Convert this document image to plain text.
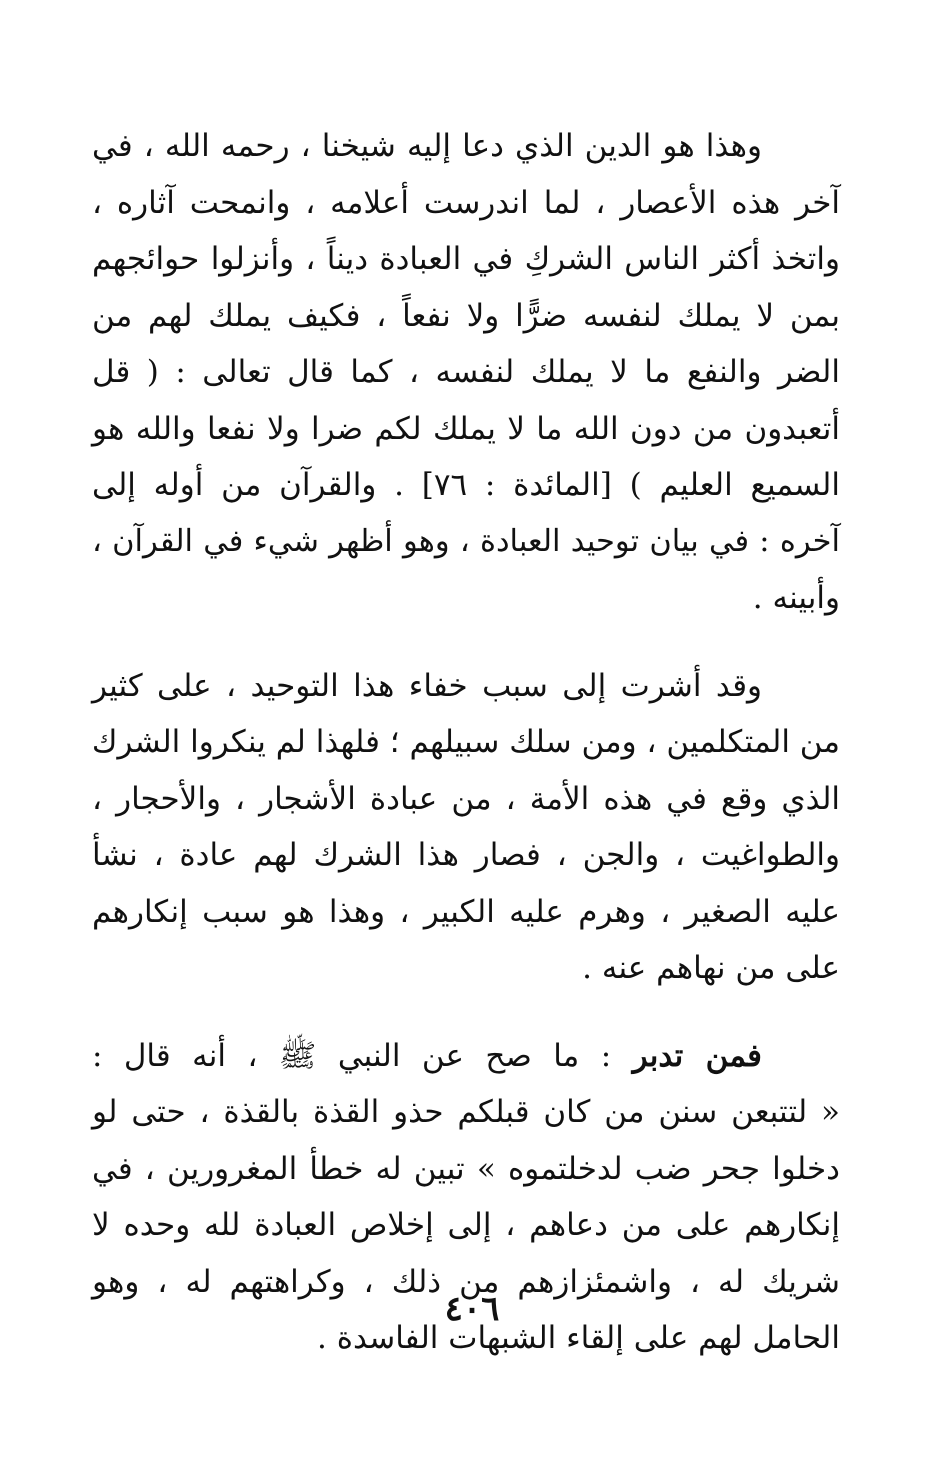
وهذا هو الدين الذي دعا إليه شيخنا ، رحمه الله ، في
آخر هذه الأعصار ، لما اندرست أعلامه ، وانمحت آثاره ،
واتخذ أكثر الناس الشركِ في العبادة ديناً ، وأنزلوا حوائجهم
بمن لا يملك لنفسه ضرًّا ولا نفعاً ، فكيف يملك لهم من
الضر والنفع ما لا يملك لنفسه ، كما قال تعالى : ( قل
أتعبدون من دون الله ما لا يملك لكم ضرا ولا نفعا والله هو
السميع العليم ) [المائدة : ٧٦] . والقرآن من أوله إلى
آخره : في بيان توحيد العبادة ، وهو أظهر شيء في القرآن ،
وأبينه .

وقد أشرت إلى سبب خفاء هذا التوحيد ، على كثير
من المتكلمين ، ومن سلك سبيلهم ؛ فلهذا لم ينكروا الشرك
الذي وقع في هذه الأمة ، من عبادة الأشجار ، والأحجار ،
والطواغيت ، والجن ، فصار هذا الشرك لهم عادة ، نشأ
عليه الصغير ، وهرم عليه الكبير ، وهذا هو سبب إنكارهم
على من نهاهم عنه .

فمن تدبر : ما صح عن النبي ﷺ ، أنه قال :
« لتتبعن سنن من كان قبلكم حذو القذة بالقذة ، حتى لو
دخلوا جحر ضب لدخلتموه » تبين له خطأ المغرورين ، في
إنكارهم على من دعاهم ، إلى إخلاص العبادة لله وحده لا
شريك له ، واشمئزازهم من ذلك ، وكراهتهم له ، وهو
الحامل لهم على إلقاء الشبهات الفاسدة .

٤٠٦
